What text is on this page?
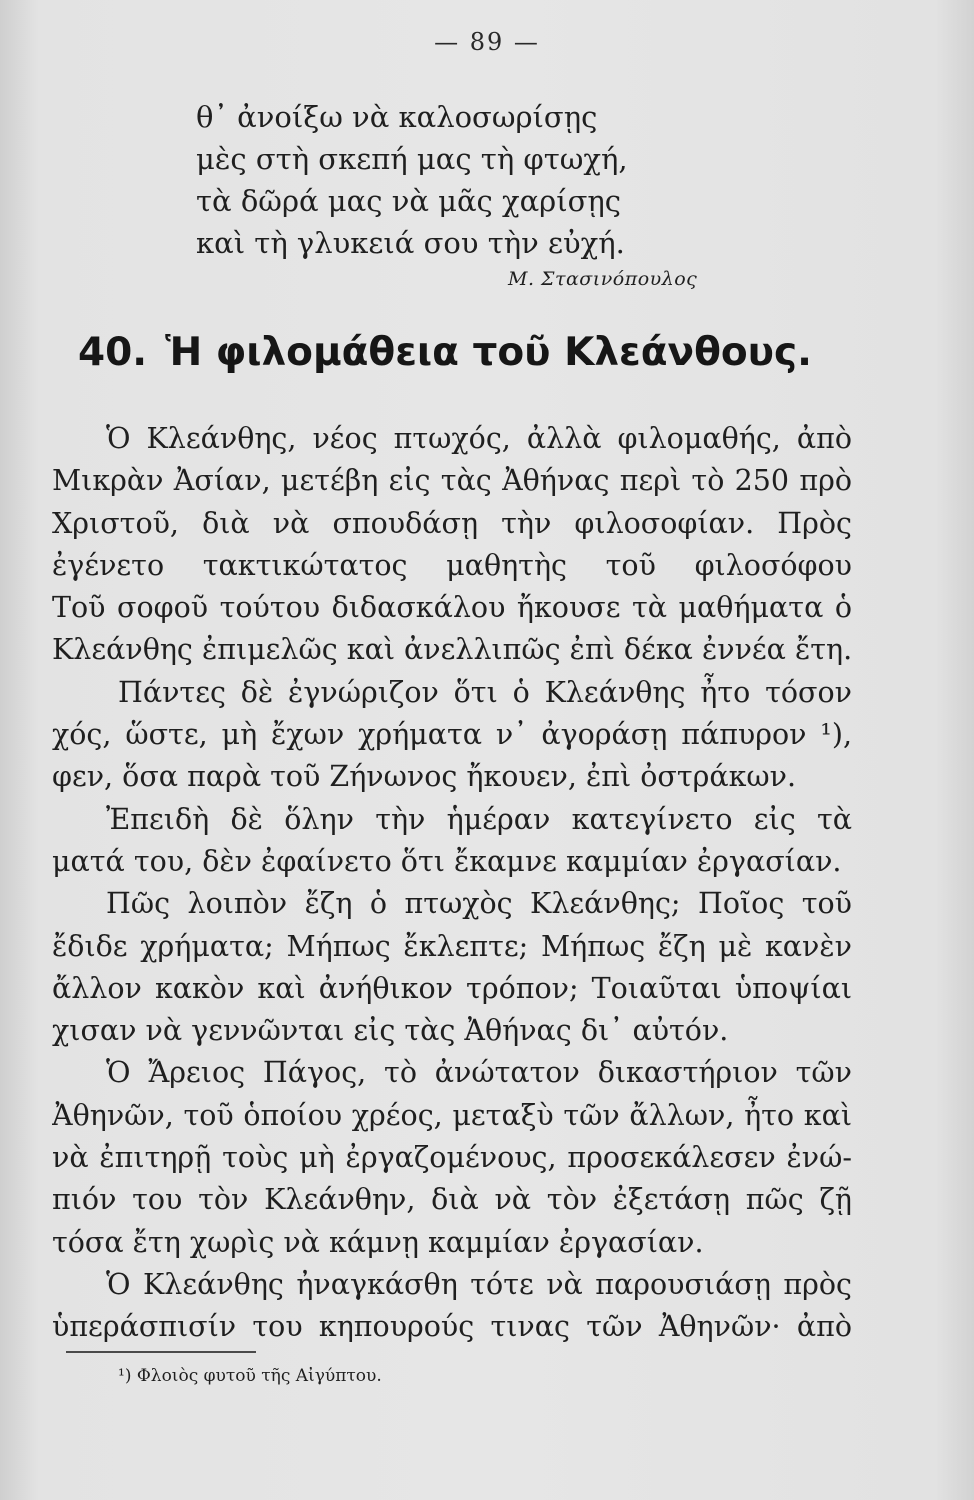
— 89 —
θ᾽ ἀνοίξω νὰ καλοσωρίσῃς
μὲς στὴ σκεπή μας τὴ φτωχή,
τὰ δῶρά μας νὰ μᾶς χαρίσῃς
καὶ τὴ γλυκειά σου τὴν εὐχή.
Μ. Στασινόπουλος
40. Ἡ φιλομάθεια τοῦ Κλεάνθους.
Ὁ Κλεάνθης, νέος πτωχός, ἀλλὰ φιλομαθής, ἀπὸ
Μικρὰν Ἀσίαν, μετέβη εἰς τὰς Ἀθήνας περὶ τὸ 250 πρὸ
Χριστοῦ, διὰ νὰ σπουδάσῃ τὴν φιλοσοφίαν. Πρὸς
ἐγένετο τακτικώτατος μαθητὴς τοῦ φιλοσόφου
Τοῦ σοφοῦ τούτου διδασκάλου ἤκουσε τὰ μαθήματα ὁ
Κλεάνθης ἐπιμελῶς καὶ ἀνελλιπῶς ἐπὶ δέκα ἐννέα ἔτη.
Πάντες δὲ ἐγνώριζον ὅτι ὁ Κλεάνθης ἦτο τόσον
χός, ὥστε, μὴ ἔχων χρήματα ν᾽ ἀγοράσῃ πάπυρον ¹),
φεν, ὅσα παρὰ τοῦ Ζήνωνος ἤκουεν, ἐπὶ ὀστράκων.
Ἐπειδὴ δὲ ὅλην τὴν ἡμέραν κατεγίνετο εἰς τὰ
ματά του, δὲν ἐφαίνετο ὅτι ἔκαμνε καμμίαν ἐργασίαν.
Πῶς λοιπὸν ἔζη ὁ πτωχὸς Κλεάνθης; Ποῖος τοῦ
ἔδιδε χρήματα; Μήπως ἔκλεπτε; Μήπως ἔζη μὲ κανὲν
ἄλλον κακὸν καὶ ἀνήθικον τρόπον; Τοιαῦται ὑποψίαι
χισαν νὰ γεννῶνται εἰς τὰς Ἀθήνας δι᾽ αὐτόν.
Ὁ Ἄρειος Πάγος, τὸ ἀνώτατον δικαστήριον τῶν
Ἀθηνῶν, τοῦ ὁποίου χρέος, μεταξὺ τῶν ἄλλων, ἦτο καὶ
νὰ ἐπιτηρῇ τοὺς μὴ ἐργαζομένους, προσεκάλεσεν ἐνώ-
πιόν του τὸν Κλεάνθην, διὰ νὰ τὸν ἐξετάσῃ πῶς ζῇ
τόσα ἔτη χωρὶς νὰ κάμνῃ καμμίαν ἐργασίαν.
Ὁ Κλεάνθης ἠναγκάσθη τότε νὰ παρουσιάσῃ πρὸς
ὑπεράσπισίν του κηπουρούς τινας τῶν Ἀθηνῶν· ἀπὸ
¹) Φλοιὸς φυτοῦ τῆς Αἰγύπτου.
